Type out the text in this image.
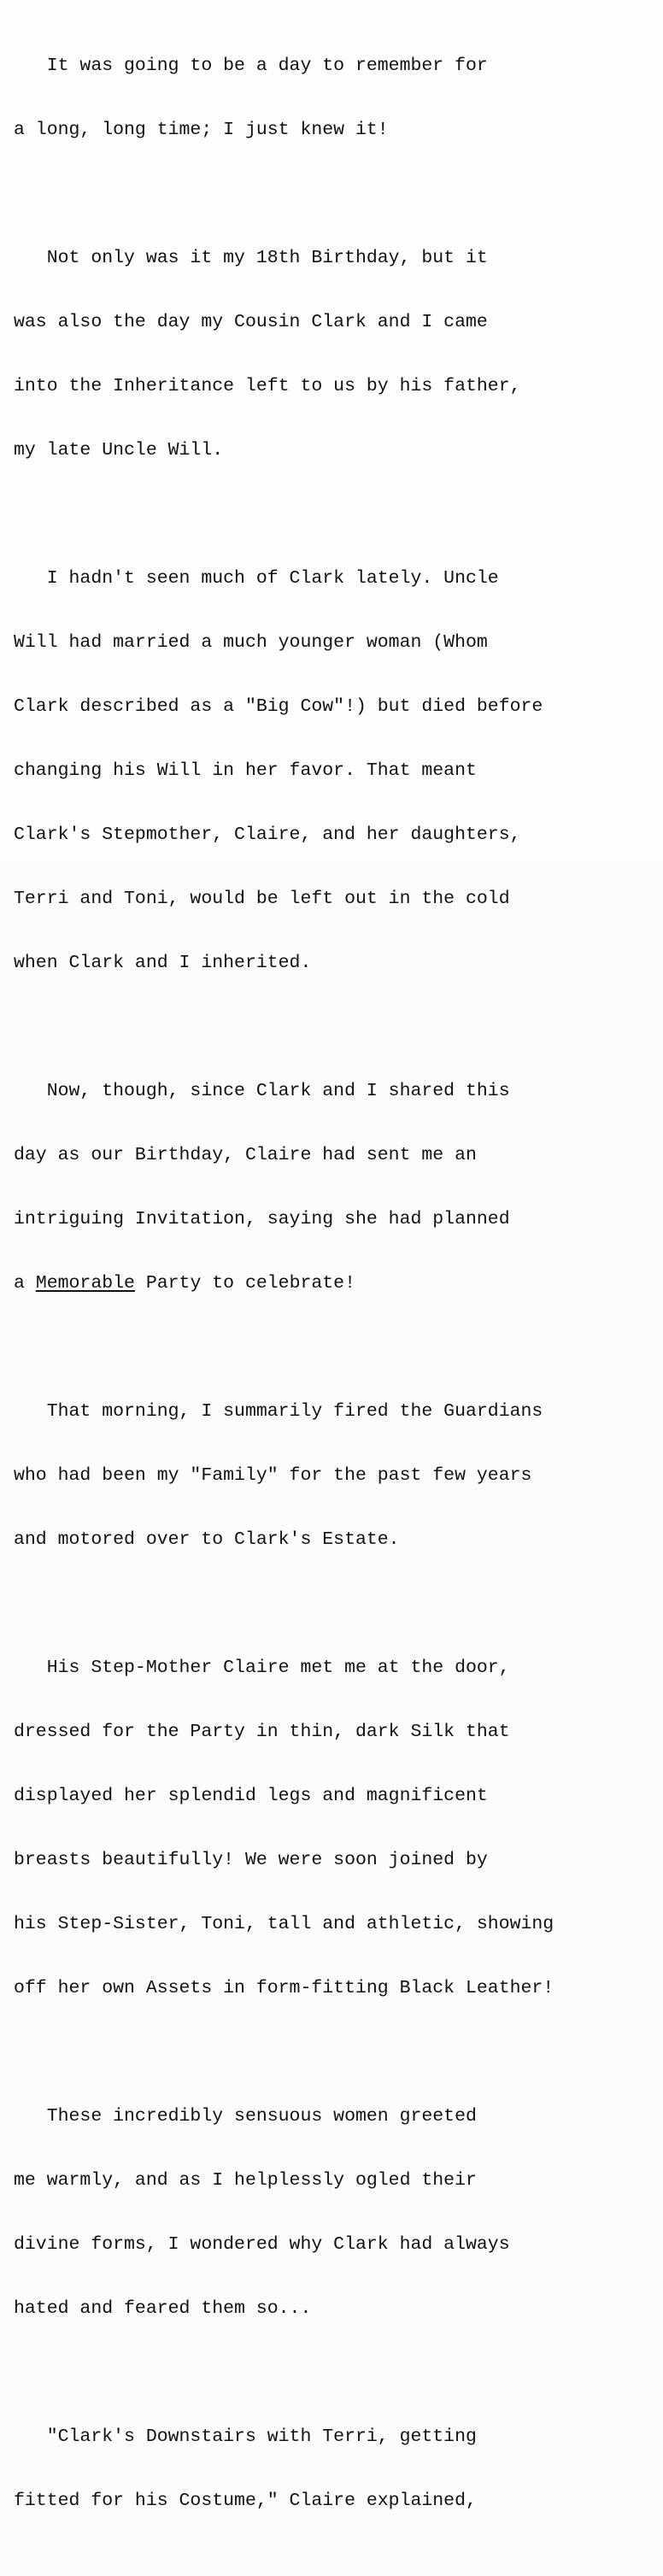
It was going to be a day to remember for

a long, long time; I just knew it!

Not only was it my 18th Birthday, but it

was also the day my Cousin Clark and I came

into the Inheritance left to us by his father,

my late Uncle Will.

I hadn't seen much of Clark lately. Uncle

Will had married a much younger woman (Whom

Clark described as a "Big Cow"!) but died before

changing his Will in her favor. That meant

Clark's Stepmother, Claire, and her daughters,

Terri and Toni, would be left out in the cold

when Clark and I inherited.

Now, though, since Clark and I shared this

day as our Birthday, Claire had sent me an

intriguing Invitation, saying she had planned

a Memorable Party to celebrate!

That morning, I summarily fired the Guardians

who had been my "Family" for the past few years

and motored over to Clark's Estate.

His Step-Mother Claire met me at the door,

dressed for the Party in thin, dark Silk that

displayed her splendid legs and magnificent

breasts beautifully! We were soon joined by

his Step-Sister, Toni, tall and athletic, showing

off her own Assets in form-fitting Black Leather!

These incredibly sensuous women greeted

me warmly, and as I helplessly ogled their

divine forms, I wondered why Clark had always

hated and feared them so...

"Clark's Downstairs with Terri, getting

fitted for his Costume," Claire explained,
